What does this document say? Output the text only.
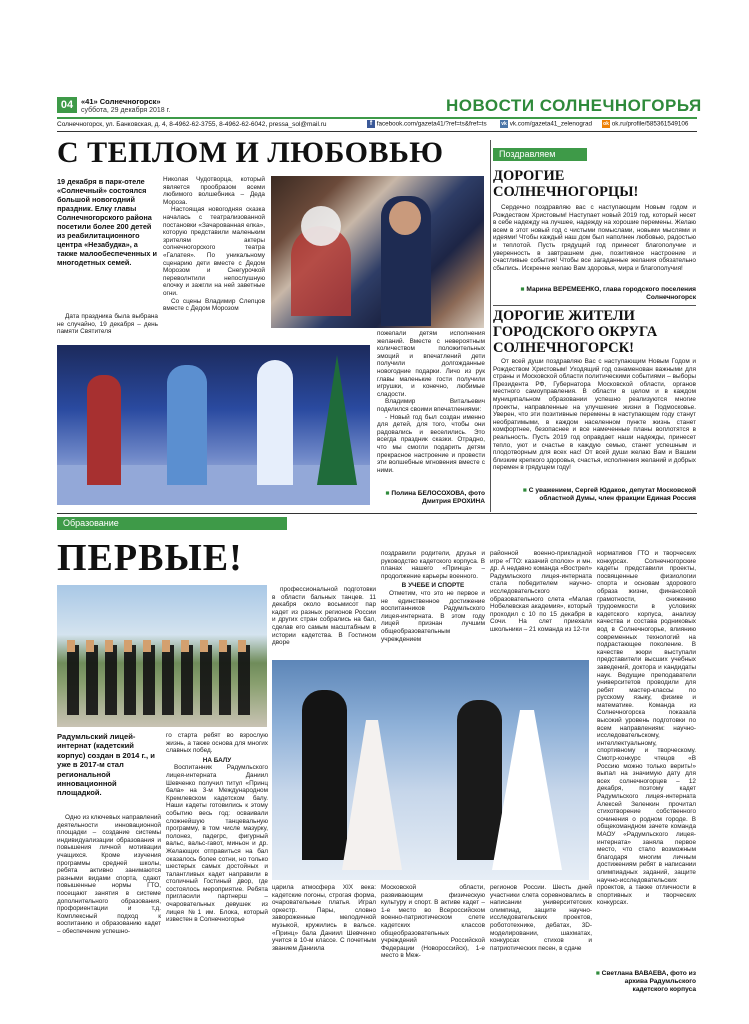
04	«41» Солнечногорск»
суббота, 29 декабря 2018 г.	НОВОСТИ СОЛНЕЧНОГОРЬЯ
Солнечногорск, ул. Банковская, д. 4, 8-4962-62-3755, 8-4962-62-6042, pressa_sol@mail.ru	f facebook.com/gazeta41/?ref=ts&fref=ts	vk vk.com/gazeta41_zelenograd ok ok.ru/profile/585361549106
С ТЕПЛОМ И ЛЮБОВЬЮ
19 декабря в парк-отеле «Солнечный» состоялся большой новогодний праздник. Елку главы Солнечногорского района посетили более 200 детей из реабилитационного центра «Незабудка», а также малообеспеченных и многодетных семей.

Дата праздника была выбрана не случайно, 19 декабря – день памяти Святителя

Николая Чудотворца, который является прообразом всеми любимого волшебника – Деда Мороза.

Настоящая новогодняя сказка началась с театрализованной постановки «Зачарованная елка», которую представили маленьким зрителям актеры солнечногорского театра «Галатея». По уникальному сценарию дети вместе с Дедом Морозом и Снегурочкой переволнтили непослушную елочку и зажгли на ней заветные огни.

Со сцены Владимир Слепцов вместе с Дедом Морозом

пожелали детям исполнения желаний. Вместе с невероятным количеством положительных эмоций и впечатлений дети получили долгожданные новогодние подарки. Личо из рук главы маленькие гости получили игрушки, и конечно, любимые сладости.

Владимир Витальевич поделился своими впечатлениями:

- Новый год был создан именно для детей, для того, чтобы они радовались и веселились. Это всегда праздник сказки. Отрадно, что мы смогли подарить детям прекрасное настроение и провести эти волшебные мгновения вместе с ними.

■ Полина БЕЛОСОХОВА, фото Дмитрия ЕРОХИНА
Поздравляем
ДОРОГИЕ СОЛНЕЧНОГОРЦЫ!
Сердечно поздравляю вас с наступающим Новым годом и Рождеством Христовым! Наступает новый 2019 год, который несет в себе надежду на лучшее, надежду на хорошие перемены. Желаю всем в этот новый год с чистыми помыслами, новыми мыслями и идеями! Чтобы каждый наш дом был наполнен любовью, радостью и теплотой. Пусть грядущий год принесет благополучие и уверенность в завтрашнем дне, позитивное настроение и счастливые события! Чтобы все загаданные желания обязательно сбылись. Искренне желаю Вам здоровья, мира и благополучия!
■ Марина ВЕРЕМЕЕНКО, глава городского поселения Солнечногорск
ДОРОГИЕ ЖИТЕЛИ ГОРОДСКОГО ОКРУГА СОЛНЕЧНОГОРСК!
От всей души поздравляю Вас с наступающим Новым Годом и Рождеством Христовым! Уходящий год ознаменован важными для страны и Московской области политическими событиями – выборы Президента РФ, Губернатора Московской области, органов местного самоуправления. В области в целом и в каждом муниципальном образовании успешно реализуются многие проекты, направленные на улучшение жизни в Подмосковье. Уверен, что эти позитивные перемены в наступающем году станут необратимыми, в каждом населенном пункте жизнь станет комфортнее, безопаснее и все намеченные планы воплотятся в реальность. Пусть 2019 год оправдает наши надежды, принесет тепло, уют и счастье в каждую семью, станет успешным и плодотворным для всех нас! От всей души желаю Вам и Вашим близким крепкого здоровья, счастья, исполнения желаний и добрых перемен в грядущем году!
■ С уважением, Сергей Юдаков, депутат Московской областной Думы, член фракции Единая Россия
Образование
ПЕРВЫЕ!
Радумльский лицей-интернат (кадетский корпус) создан в 2014 г., и уже в 2017-м стал региональной инновационной площадкой.
Одно из ключевых направлений деятельности инновационной площадки – создание системы индивидуализации образования и повышения личной мотивации учащихся. Кроме изучения программы средней школы, ребята активно занимаются разными видами спорта, сдают повышенные нормы ГТО, посещают занятия в системе дополнительного образования, профориентации и т.д. Комплексный подход к воспитанию и образованию кадет – обеспечение успешно-
профессиональной подготовки в области бальных танцев. 11 декабря около восьмисот пар кадет из разных регионов России и других стран собрались на бал, сделав его самым масштабным в истории кадетства. В Гостином дворе

поздравили родители, друзья и руководство кадетского корпуса. В планах нашего «Принца» – продолжение карьеры военного.

В УЧЕБЕ И СПОРТЕ

Отметим, что это не первое и не единственное достижение воспитанников Радумльского лицея-интерната. В этом году лицей признан лучшим общеобразовательным учреждением

районной военно-прикладной игре «ГТО: казачий сполох» и мн. др. А недавно команда «Вострел» Радумльского лицея-интерната стала победителем научно-исследовательского образовательного слета «Малая Нобелевская академия», который проходил с 10 по 15 декабря в Сочи. На слет приехали школьники – 21 команда из 12-ти
нормативов ГТО и творческих конкурсах. Солнечногорские кадеты представили проекты, посвященные физиологии спорта и основам здорового образа жизни, финансовой грамотности, снижению трудоемкости в условиях кадетского корпуса, анализу качества и состава родниковых вод в Солнечногорье, влиянию современных технологий на подрастающее поколение. В качестве жюри выступали представители высших учебных заведений, доктора и кандидаты наук. Ведущие преподаватели университетов проводили для ребят мастер-классы по русскому языку, физике и математике. Команда из Солнечногорска показала высокий уровень подготовки по всем направлениям: научно-исследовательскому, интеллектуальному, спортивному и творческому. Смотр-конкурс чтецов «В Россию можно только верить!» выпал на значимую дату для всех солнечногорцев – 12 декабря, поэтому кадет Радумльского лицея-интерната Алексей Зеленкин прочитал стихотворение собственного сочинения о родном городе. В общекомандном зачете команда МАОУ «Радумльского лицея-интерната» заняла первое место, что стало возможным благодаря многим личным достижениям ребят в написании олимпиадных заданий, защите научно-исследовательских проектов, а также отличности в спортивных и творческих конкурсах.
■ Светлана ВАВАЕВА, фото из архива Радумльского кадетского корпуса

го старта ребят во взрослую жизнь, а также основа для многих славных побед.

НА БАЛУ

Воспитанник Радумльского лицея-интерната Даниил Шевченко получил титул «Принц бала» на 3-м Международном Кремлевском кадетском балу. Наши кадеты готовились к этому событию весь год: осваивали сложнейшую танцевальную программу, в том числе мазурку, полонез, падегрс, фигурный вальс, вальс-гавот, миньон и др. Желающих отправиться на бал оказалось более сотни, но только шестерых самых достойных и талантливых кадет направили в столичный Гостиный двор, где состоялось мероприятие. Ребята пригласили партнерш – очаровательных девушек из лицея №1 им. Блока, который известен в Солнечногорье

царила атмосфера XIX века: кадетские погоны, строгая форма, очаровательные платья. Играл оркестр. Пары, словно завороженные мелодичной музыкой, кружились в вальсе. «Принц» бала Даниил Шевченко учится в 10-м классе. С почетным званием Даниила
Московской области, развивающим физическую культуру и спорт. В активе кадет – 1-е место во Всероссийском военно-патриотическом слете кадетских классов общеобразовательных учреждений Российской Федерации (Новороссийск), 1-е место в Меж-
регионов России. Шесть дней участники слета соревновались в написании университетских олимпиад, защите научно-исследовательских проектов, робототехнике, дебатах, 3D-моделировании, шахматах, конкурсах стихов и патриотических песен, в сдаче
